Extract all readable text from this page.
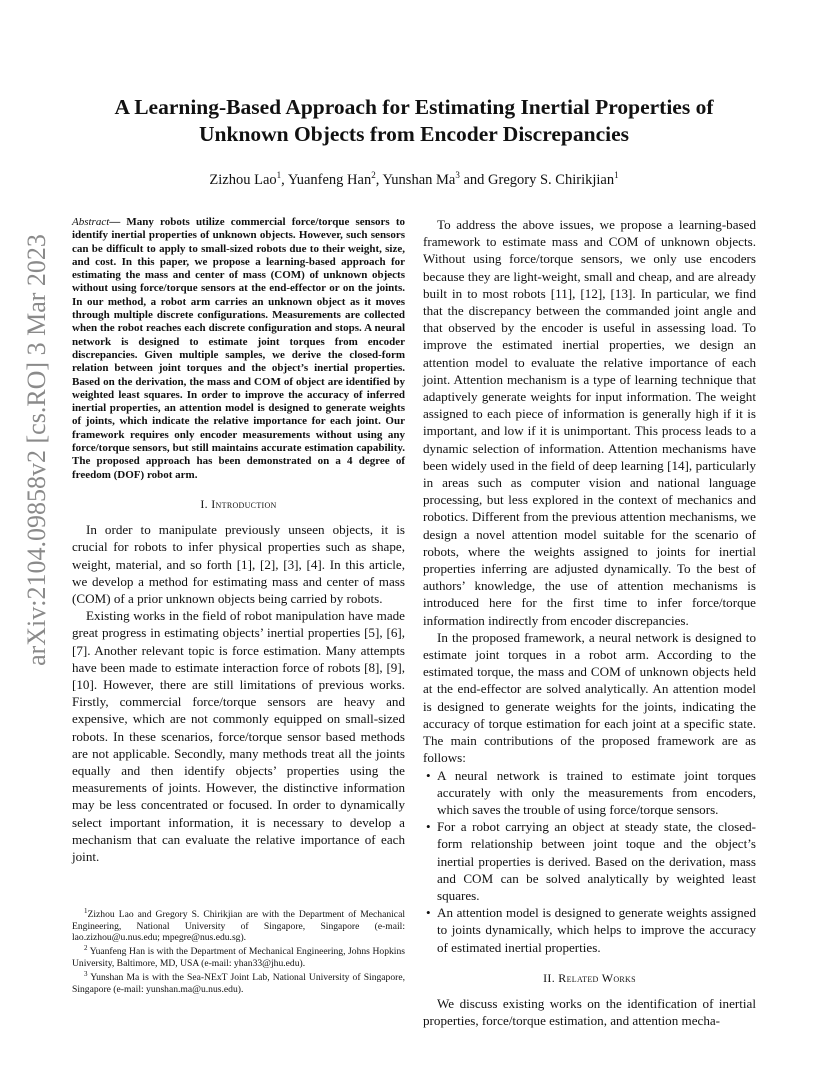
arXiv:2104.09858v2 [cs.RO] 3 Mar 2023
A Learning-Based Approach for Estimating Inertial Properties of Unknown Objects from Encoder Discrepancies
Zizhou Lao$^1$, Yuanfeng Han$^2$, Yunshan Ma$^3$ and Gregory S. Chirikjian$^1$
Abstract— Many robots utilize commercial force/torque sensors to identify inertial properties of unknown objects. However, such sensors can be difficult to apply to small-sized robots due to their weight, size, and cost. In this paper, we propose a learning-based approach for estimating the mass and center of mass (COM) of unknown objects without using force/torque sensors at the end-effector or on the joints. In our method, a robot arm carries an unknown object as it moves through multiple discrete configurations. Measurements are collected when the robot reaches each discrete configuration and stops. A neural network is designed to estimate joint torques from encoder discrepancies. Given multiple samples, we derive the closed-form relation between joint torques and the object’s inertial properties. Based on the derivation, the mass and COM of object are identified by weighted least squares. In order to improve the accuracy of inferred inertial properties, an attention model is designed to generate weights of joints, which indicate the relative importance for each joint. Our framework requires only encoder measurements without using any force/torque sensors, but still maintains accurate estimation capability. The proposed approach has been demonstrated on a 4 degree of freedom (DOF) robot arm.
I. Introduction

In order to manipulate previously unseen objects, it is crucial for robots to infer physical properties such as shape, weight, material, and so forth [1], [2], [3], [4]. In this article, we develop a method for estimating mass and center of mass (COM) of a prior unknown objects being carried by robots.

Existing works in the field of robot manipulation have made great progress in estimating objects’ inertial properties [5], [6], [7]. Another relevant topic is force estimation. Many attempts have been made to estimate interaction force of robots [8], [9], [10]. However, there are still limitations of previous works. Firstly, commercial force/torque sensors are heavy and expensive, which are not commonly equipped on small-sized robots. In these scenarios, force/torque sensor based methods are not applicable. Secondly, many methods treat all the joints equally and then identify objects’ properties using the measurements of joints. However, the distinctive information may be less concentrated or focused. In order to dynamically select important information, it is necessary to develop a mechanism that can evaluate the relative importance of each joint.

$^1$Zizhou Lao and Gregory S. Chirikjian are with the Department of Mechanical Engineering, National University of Singapore, Singapore (e-mail: lao.zizhou@u.nus.edu; mpegre@nus.edu.sg).

$^2$ Yuanfeng Han is with the Department of Mechanical Engineering, Johns Hopkins University, Baltimore, MD, USA (e-mail: yhan33@jhu.edu).

$^3$ Yunshan Ma is with the Sea-NExT Joint Lab, National University of Singapore, Singapore (e-mail: yunshan.ma@u.nus.edu).

To address the above issues, we propose a learning-based framework to estimate mass and COM of unknown objects. Without using force/torque sensors, we only use encoders because they are light-weight, small and cheap, and are already built in to most robots [11], [12], [13]. In particular, we find that the discrepancy between the commanded joint angle and that observed by the encoder is useful in assessing load. To improve the estimated inertial properties, we design an attention model to evaluate the relative importance of each joint. Attention mechanism is a type of learning technique that adaptively generate weights for input information. The weight assigned to each piece of information is generally high if it is important, and low if it is unimportant. This process leads to a dynamic selection of information. Attention mechanisms have been widely used in the field of deep learning [14], particularly in areas such as computer vision and national language processing, but less explored in the context of mechanics and robotics. Different from the previous attention mechanisms, we design a novel attention model suitable for the scenario of robots, where the weights assigned to joints for inertial properties inferring are adjusted dynamically. To the best of authors’ knowledge, the use of attention mechanisms is introduced here for the first time to infer force/torque information indirectly from encoder discrepancies.

In the proposed framework, a neural network is designed to estimate joint torques in a robot arm. According to the estimated torque, the mass and COM of unknown objects held at the end-effector are solved analytically. An attention model is designed to generate weights for the joints, indicating the accuracy of torque estimation for each joint at a specific state. The main contributions of the proposed framework are as follows:

• A neural network is trained to estimate joint torques accurately with only the measurements from encoders, which saves the trouble of using force/torque sensors.
• For a robot carrying an object at steady state, the closed-form relationship between joint toque and the object’s inertial properties is derived. Based on the derivation, mass and COM can be solved analytically by weighted least squares.
• An attention model is designed to generate weights assigned to joints dynamically, which helps to improve the accuracy of estimated inertial properties.
II. Related Works

We discuss existing works on the identification of inertial properties, force/torque estimation, and attention mecha-
